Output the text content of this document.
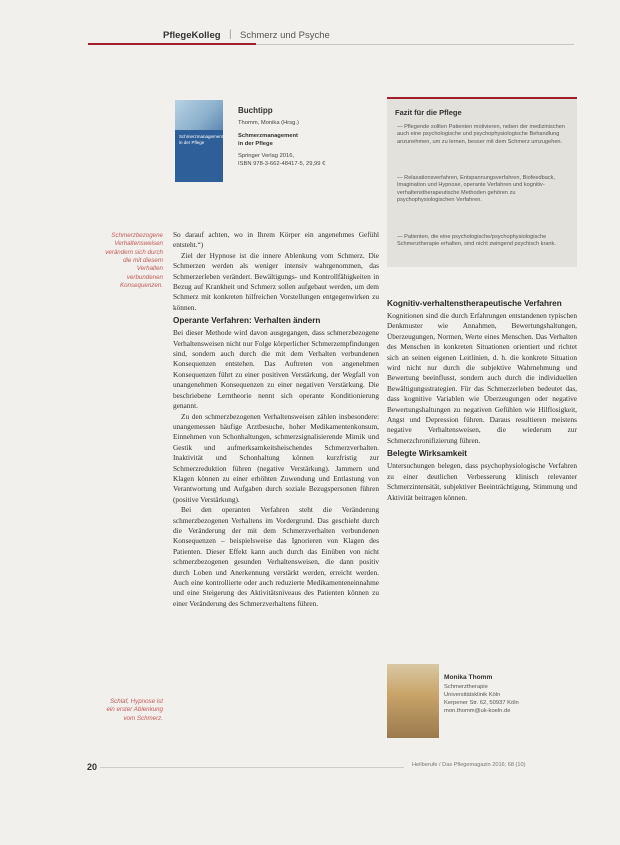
PflegeKolleg | Schmerz und Psyche
Schmerzmanagement in der Pflege
Buchtipp
Thomm, Monika (Hrsg.)
Schmerzmanagement
in der Pflege
Springer Verlag 2016,
ISBN 978-3-662-48417-5, 29,99 €
Fazit für die Pflege
— Pflegende sollten Patienten motivieren, neben der medizinischen auch eine psychologische und psychophysiologische Behandlung anzunehmen, um zu lernen, besser mit dem Schmerz umzugehen.
— Relaxationsverfahren, Entspannungsverfahren, Biofeedback, Imagination und Hypnose, operante Verfahren und kognitiv-verhaltenstherapeutische Methoden gehören zu psychophysiologischen Verfahren.
— Patienten, die eine psychologische/psychophysiologische Schmerztherapie erhalten, sind nicht zwingend psychisch krank.
Schmerzbezogene Verhaltensweisen verändern sich durch die mit diesem Verhalten verbundenen Konsequenzen.
Schlaf, Hypnose ist ein erster Ablenkung vom Schmerz.

So darauf achten, wo in Ihrem Körper ein angenehmes Gefühl entsteht.“)

Ziel der Hypnose ist die innere Ablenkung vom Schmerz. Die Schmerzen werden als weniger intensiv wahrgenommen, das Schmerzerleben verändert. Bewältigungs- und Kontrollfähigkeiten in Bezug auf Krankheit und Schmerz sollen aufgebaut werden, um dem Schmerz mit konkreten hilfreichen Vorstellungen entgegenwirken zu können.

Operante Verfahren: Verhalten ändern

Bei dieser Methode wird davon ausgegangen, dass schmerzbezogene Verhaltensweisen nicht nur Folge körperlicher Schmerzempfindungen sind, sondern auch durch die mit dem Verhalten verbundenen Konsequenzen entstehen. Das Auftreten von angenehmen Konsequenzen führt zu einer positiven Verstärkung, der Wegfall von unangenehmen Konsequenzen zu einer negativen Verstärkung. Die beschriebene Lerntheorie nennt sich operante Konditionierung genannt.

Zu den schmerzbezogenen Verhaltensweisen zählen insbesondere: unangemessen häufige Arztbesuche, hoher Medikamentenkonsum, Einnehmen von Schonhaltungen, schmerzsignalisierende Mimik und Gestik und aufmerksamkeitsheischendes Schmerzverhalten. Inaktivität und Schonhaltung können kurzfristig zur Schmerzreduktion führen (negative Verstärkung). Jammern und Klagen können zu einer erhöhten Zuwendung und Entlastung von Verantwortung und Aufgaben durch soziale Bezugspersonen führen (positive Verstärkung).

Bei den operanten Verfahren steht die Veränderung schmerzbezogenen Verhaltens im Vordergrund. Das geschieht durch die Veränderung der mit dem Schmerzverhalten verbundenen Konsequenzen – beispielsweise das Ignorieren von Klagen des Patienten. Dieser Effekt kann auch durch das Einüben von nicht schmerzbezogenen gesunden Verhaltensweisen, die dann positiv durch Loben und Anerkennung verstärkt werden, erreicht werden. Auch eine kontrollierte oder auch reduzierte Medikamenteneinnahme und eine Steigerung des Aktivitätsniveaus des Patienten können zu einer Veränderung des Schmerzverhaltens führen.

Kognitiv-verhaltenstherapeutische Verfahren

Kognitionen sind die durch Erfahrungen entstandenen typischen Denkmuster wie Annahmen, Bewertungshaltungen, Überzeugungen, Normen, Werte eines Menschen. Das Verhalten des Menschen in konkreten Situationen orientiert und richtet sich an seinen eigenen Leitlinien, d. h. die konkrete Situation wird nicht nur durch die subjektive Wahrnehmung und Bewertung beeinflusst, sondern auch durch die individuellen Bewältigungsstrategien. Für das Schmerzerleben bedeutet das, dass kognitive Variablen wie Überzeugungen oder negative Bewertungshaltungen zu negativen Gefühlen wie Hilflosigkeit, Angst und Depression führen. Daraus resultieren meistens negative Verhaltensweisen, die wiederum zur Schmerzchronifizierung führen.

Belegte Wirksamkeit

Untersuchungen belegen, dass psychophysiologische Verfahren zu einer deutlichen Verbesserung klinisch relevanter Schmerzintensität, subjektiver Beeinträchtigung, Stimmung und Aktivität beitragen können.

Monika Thomm
Schmerztherapie
Universitätsklinik Köln
Kerpener Str. 62, 50937 Köln
mon.thomm@uk-koeln.de
20	Heilberufe / Das Pflegemagazin 2016; 68 (10)
